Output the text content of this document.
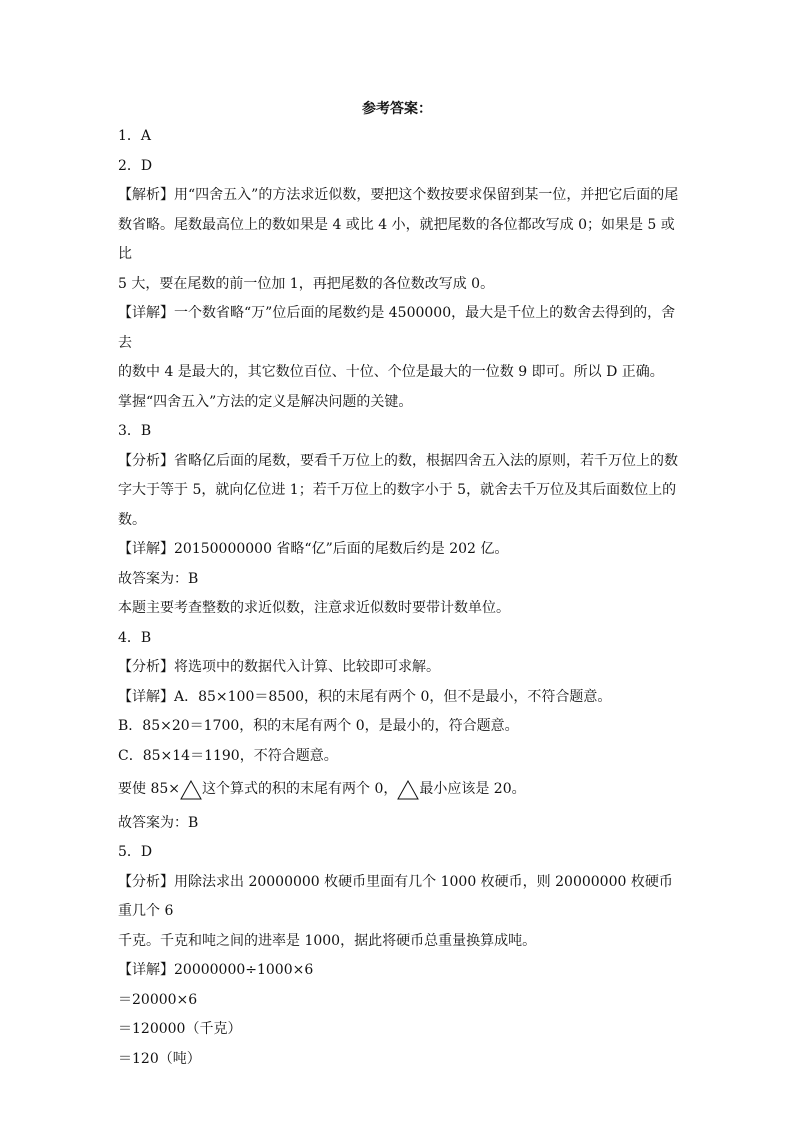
参考答案：

1．A

2．D

【解析】用“四舍五入”的方法求近似数，要把这个数按要求保留到某一位，并把它后面的尾

数省略。尾数最高位上的数如果是 4 或比 4 小，就把尾数的各位都改写成 0；如果是 5 或比

5 大，要在尾数的前一位加 1，再把尾数的各位数改写成 0。

【详解】一个数省略“万”位后面的尾数约是 4500000，最大是千位上的数舍去得到的，舍去

的数中 4 是最大的，其它数位百位、十位、个位是最大的一位数 9 即可。所以 D 正确。

掌握“四舍五入”方法的定义是解决问题的关键。

3．B

【分析】省略亿后面的尾数，要看千万位上的数，根据四舍五入法的原则，若千万位上的数

字大于等于 5，就向亿位进 1；若千万位上的数字小于 5，就舍去千万位及其后面数位上的

数。

【详解】20150000000 省略“亿”后面的尾数后约是 202 亿。

故答案为：B

本题主要考查整数的求近似数，注意求近似数时要带计数单位。

4．B

【分析】将选项中的数据代入计算、比较即可求解。

【详解】A．85×100＝8500，积的末尾有两个 0，但不是最小，不符合题意。

B．85×20＝1700，积的末尾有两个 0，是最小的，符合题意。

C．85×14＝1190，不符合题意。

要使 85× 这个算式的积的末尾有两个 0， 最小应该是 20。

故答案为：B

5．D

【分析】用除法求出 20000000 枚硬币里面有几个 1000 枚硬币，则 20000000 枚硬币重几个 6

千克。千克和吨之间的进率是 1000，据此将硬币总重量换算成吨。

【详解】20000000÷1000×6

＝20000×6

＝120000（千克）

＝120（吨）
